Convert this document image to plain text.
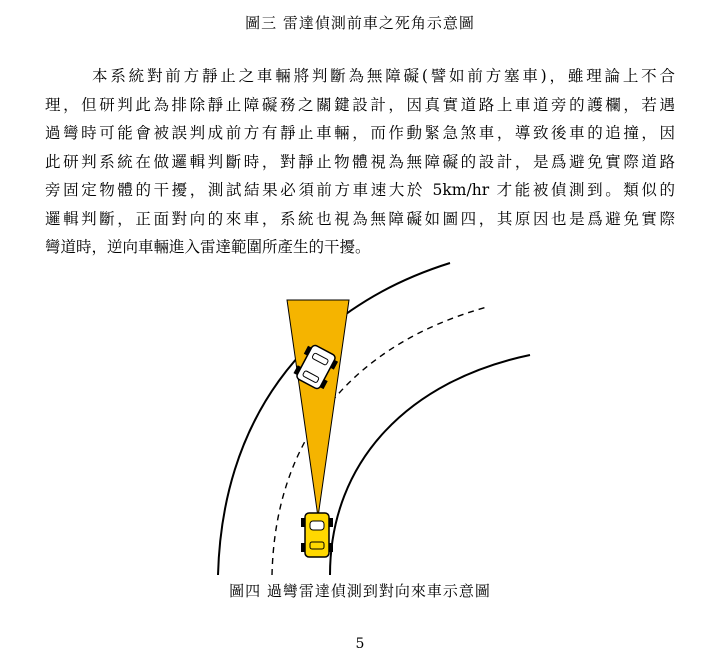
圖三 雷達偵測前車之死角示意圖
本系統對前方靜止之車輛將判斷為無障礙(譬如前方塞車)，雖理論上不合
理，但研判此為排除靜止障礙務之關鍵設計，因真實道路上車道旁的護欄，若遇
過彎時可能會被誤判成前方有靜止車輛，而作動緊急煞車，導致後車的追撞，因
此研判系統在做邏輯判斷時，對靜止物體視為無障礙的設計，是爲避免實際道路
旁固定物體的干擾，測試結果必須前方車速大於 5km/hr 才能被偵測到。類似的
邏輯判斷，正面對向的來車，系統也視為無障礙如圖四，其原因也是爲避免實際
彎道時，逆向車輛進入雷達範圍所產生的干擾。
圖四 過彎雷達偵測到對向來車示意圖
5
